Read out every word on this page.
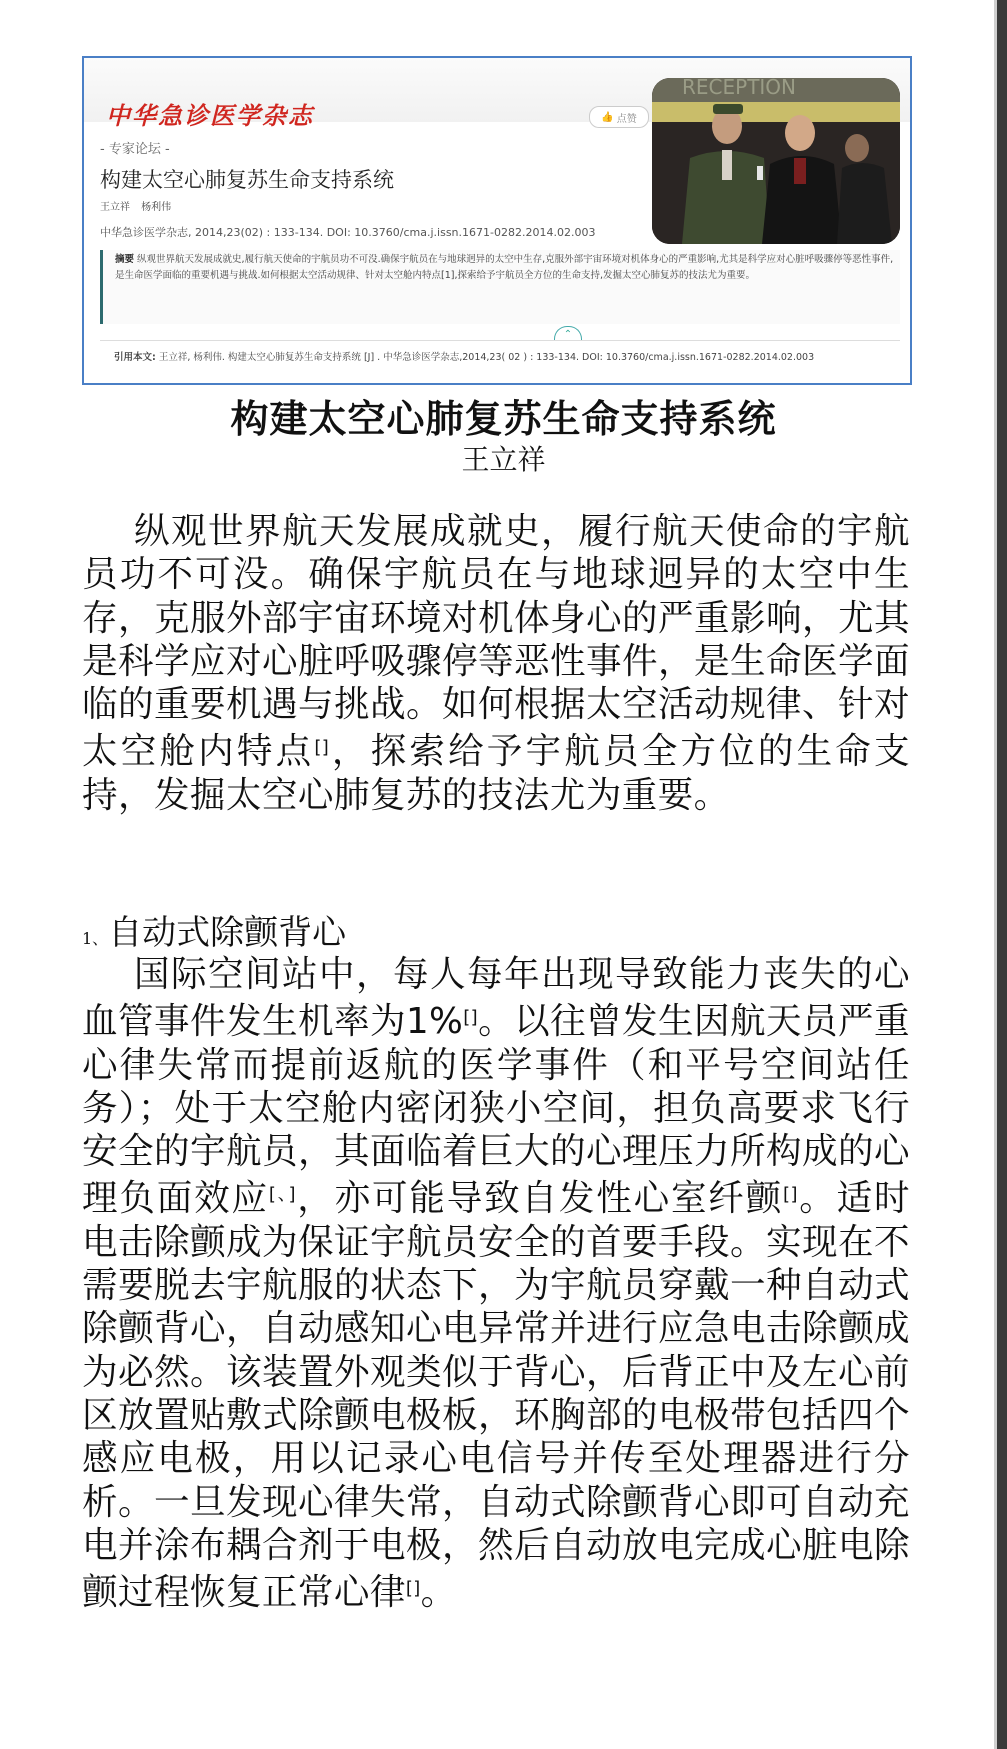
中华急诊医学杂志	👍 点赞
RECEPTION
- 专家论坛 -
构建太空心肺复苏生命支持系统
王立祥 杨利伟
中华急诊医学杂志, 2014,23(02) : 133-134. DOI: 10.3760/cma.j.issn.1671-0282.2014.02.003
摘要 纵观世界航天发展成就史,履行航天使命的宇航员功不可没.确保宇航员在与地球迥异的太空中生存,克服外部宇宙环境对机体身心的严重影响,尤其是科学应对心脏呼吸骤停等恶性事件,是生命医学面临的重要机遇与挑战.如何根据太空活动规律、针对太空舱内特点[1],探索给予宇航员全方位的生命支持,发掘太空心肺复苏的技法尤为重要。
⌃
引用本文: 王立祥, 杨利伟. 构建太空心肺复苏生命支持系统 [J] . 中华急诊医学杂志,2014,23( 02 ) : 133-134. DOI: 10.3760/cma.j.issn.1671-0282.2014.02.003
构建太空心肺复苏生命支持系统
王立祥

纵观世界航天发展成就史，履行航天使命的宇航员功不可没。确保宇航员在与地球迥异的太空中生存，克服外部宇宙环境对机体身心的严重影响，尤其是科学应对心脏呼吸骤停等恶性事件，是生命医学面临的重要机遇与挑战。如何根据太空活动规律、针对太空舱内特点[]，探索给予宇航员全方位的生命支持，发掘太空心肺复苏的技法尤为重要。

1、自动式除颤背心

国际空间站中，每人每年出现导致能力丧失的心血管事件发生机率为1%[]。以往曾发生因航天员严重心律失常而提前返航的医学事件（和平号空间站任务）；处于太空舱内密闭狭小空间，担负高要求飞行安全的宇航员，其面临着巨大的心理压力所构成的心理负面效应[、]，亦可能导致自发性心室纤颤[]。适时电击除颤成为保证宇航员安全的首要手段。实现在不需要脱去宇航服的状态下，为宇航员穿戴一种自动式除颤背心，自动感知心电异常并进行应急电击除颤成为必然。该装置外观类似于背心，后背正中及左心前区放置贴敷式除颤电极板，环胸部的电极带包括四个感应电极，用以记录心电信号并传至处理器进行分析。一旦发现心律失常，自动式除颤背心即可自动充电并涂布耦合剂于电极，然后自动放电完成心脏电除颤过程恢复正常心律[]。
